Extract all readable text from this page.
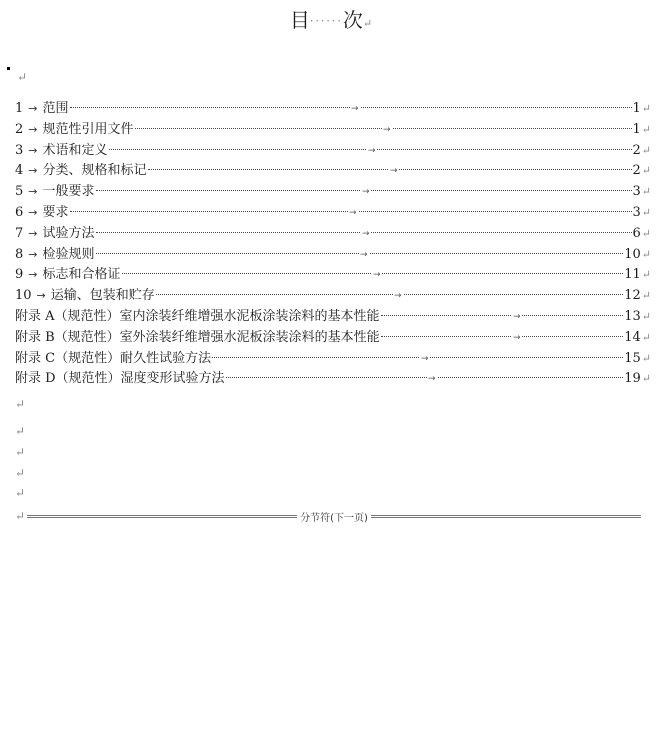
目······次↵
↵
1 → 范围	1 ↵
→
2 → 规范性引用文件	1 ↵
→
3 → 术语和定义	2 ↵
→
4 → 分类、规格和标记	2 ↵
→
5 → 一般要求	3 ↵
→
6 → 要求	3 ↵
→
7 → 试验方法	6 ↵
→
8 → 检验规则	10 ↵
→
9 → 标志和合格证	11 ↵
→
10 → 运输、包装和贮存	12 ↵
→
附录 A（规范性）室内涂装纤维增强水泥板涂装涂料的基本性能	13 ↵
→
附录 B（规范性）室外涂装纤维增强水泥板涂装涂料的基本性能	14 ↵
→
附录 C（规范性）耐久性试验方法	15 ↵
→
附录 D（规范性）湿度变形试验方法	19 ↵
→
↵
↵
↵
↵
↵
↵	分节符(下一页)
